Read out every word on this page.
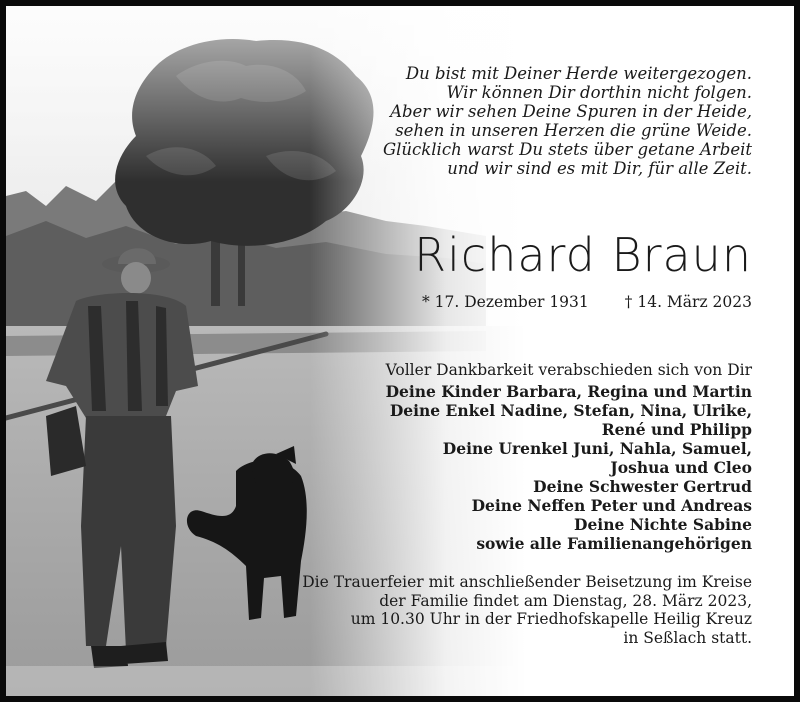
Du bist mit Deiner Herde weitergezogen.
Wir können Dir dorthin nicht folgen.
Aber wir sehen Deine Spuren in der Heide,
sehen in unseren Herzen die grüne Weide.
Glücklich warst Du stets über getane Arbeit
und wir sind es mit Dir, für alle Zeit.
Richard Braun
* 17. Dezember 1931 † 14. März 2023
Voller Dankbarkeit verabschieden sich von Dir
Deine Kinder Barbara, Regina und Martin
Deine Enkel Nadine, Stefan, Nina, Ulrike,
René und Philipp
Deine Urenkel Juni, Nahla, Samuel,
Joshua und Cleo
Deine Schwester Gertrud
Deine Neffen Peter und Andreas
Deine Nichte Sabine
sowie alle Familienangehörigen
Die Trauerfeier mit anschließender Beisetzung im Kreise
der Familie findet am Dienstag, 28. März 2023,
um 10.30 Uhr in der Friedhofskapelle Heilig Kreuz
in Seßlach statt.
